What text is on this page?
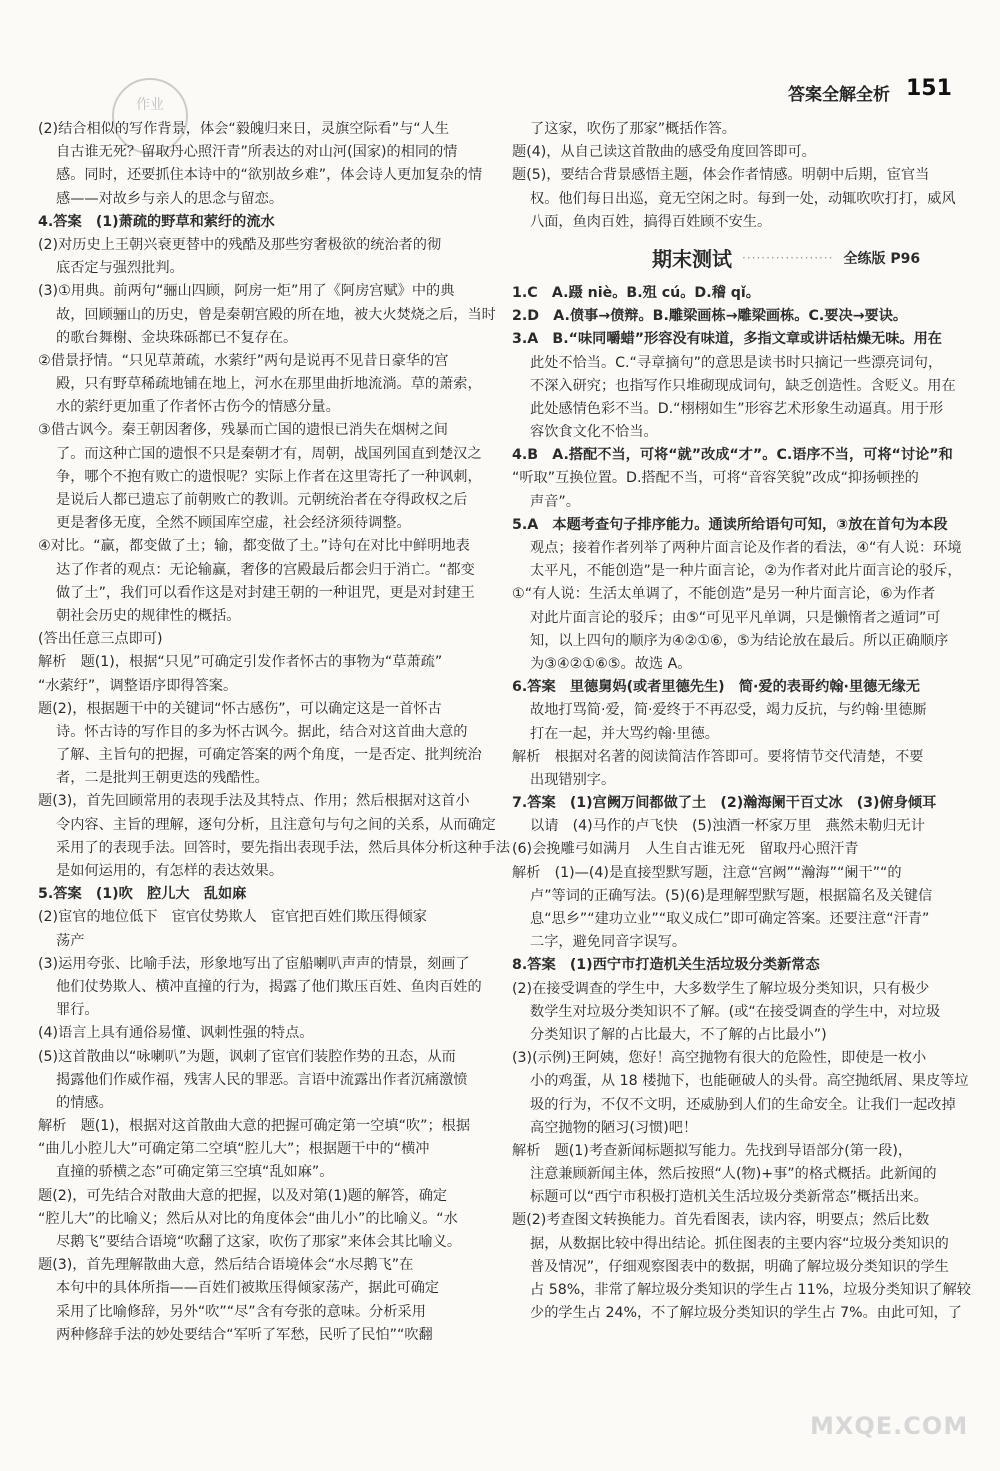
作业	答案全解全析 151
(2)结合相似的写作背景，体会“毅魄归来日，灵旗空际看”与“人生
自古谁无死？留取丹心照汗青”所表达的对山河(国家)的相同的情
感。同时，还要抓住本诗中的“欲别故乡难”，体会诗人更加复杂的情
感——对故乡与亲人的思念与留恋。
4.答案　(1)萧疏的野草和萦纡的流水
(2)对历史上王朝兴衰更替中的残酷及那些穷奢极欲的统治者的彻
底否定与强烈批判。
(3)①用典。前两句“骊山四顾，阿房一炬”用了《阿房宫赋》中的典
故，回顾骊山的历史，曾是秦朝宫殿的所在地，被大火焚烧之后，当时
的歌台舞榭、金块珠砾都已不复存在。
②借景抒情。“只见草萧疏，水萦纡”两句是说再不见昔日豪华的宫
殿，只有野草稀疏地铺在地上，河水在那里曲折地流淌。草的萧索，
水的萦纡更加重了作者怀古伤今的情感分量。
③借古讽今。秦王朝因奢侈，残暴而亡国的遗恨已消失在烟树之间
了。而这种亡国的遗恨不只是秦朝才有，周朝，战国列国直到楚汉之
争，哪个不抱有败亡的遗恨呢？实际上作者在这里寄托了一种讽刺，
是说后人都已遗忘了前朝败亡的教训。元朝统治者在夺得政权之后
更是奢侈无度，全然不顾国库空虚，社会经济须待调整。
④对比。“赢，都变做了土；输，都变做了土。”诗句在对比中鲜明地表
达了作者的观点：无论输赢，奢侈的宫殿最后都会归于消亡。“都变
做了土”，我们可以看作这是对封建王朝的一种诅咒，更是对封建王
朝社会历史的规律性的概括。
(答出任意三点即可)
解析　题(1)，根据“只见”可确定引发作者怀古的事物为“草萧疏”
“水萦纡”，调整语序即得答案。
题(2)，根据题干中的关键词“怀古感伤”，可以确定这是一首怀古
诗。怀古诗的写作目的多为怀古讽今。据此，结合对这首曲大意的
了解、主旨句的把握，可确定答案的两个角度，一是否定、批判统治
者，二是批判王朝更迭的残酷性。
题(3)，首先回顾常用的表现手法及其特点、作用；然后根据对这首小
令内容、主旨的理解，逐句分析，且注意句与句之间的关系，从而确定
采用了的表现手法。回答时，要先指出表现手法，然后具体分析这种手法
是如何运用的，有怎样的表达效果。
5.答案　(1)吹　腔儿大　乱如麻
(2)宦官的地位低下　宦官仗势欺人　宦官把百姓们欺压得倾家
荡产
(3)运用夸张、比喻手法，形象地写出了宦船喇叭声声的情景，刻画了
他们仗势欺人、横冲直撞的行为，揭露了他们欺压百姓、鱼肉百姓的
罪行。
(4)语言上具有通俗易懂、讽刺性强的特点。
(5)这首散曲以“咏喇叭”为题，讽刺了宦官们装腔作势的丑态，从而
揭露他们作威作福，残害人民的罪恶。言语中流露出作者沉痛激愤
的情感。
解析　题(1)，根据对这首散曲大意的把握可确定第一空填“吹”；根据
“曲儿小腔儿大”可确定第二空填“腔儿大”；根据题干中的“横冲
直撞的骄横之态”可确定第三空填“乱如麻”。
题(2)，可先结合对散曲大意的把握，以及对第(1)题的解答，确定
“腔儿大”的比喻义；然后从对比的角度体会“曲儿小”的比喻义。“水
尽鹅飞”要结合语境“吹翻了这家，吹伤了那家”来体会其比喻义。
题(3)，首先理解散曲大意，然后结合语境体会“水尽鹅飞”在
本句中的具体所指——百姓们被欺压得倾家荡产，据此可确定
采用了比喻修辞，另外“吹”“尽”含有夸张的意味。分析采用
两种修辞手法的妙处要结合“军听了军愁，民听了民怕”“吹翻
了这家，吹伤了那家”概括作答。
题(4)，从自己读这首散曲的感受角度回答即可。
题(5)，要结合背景感悟主题，体会作者情感。明朝中后期，宦官当
权。他们每日出巡，竟无空闲之时。每到一处，动辄吹吹打打，威风
八面，鱼肉百姓，搞得百姓顾不安生。
期末测试 ··················· 全练版 P96
1.C　A.蹑 niè。B.殂 cú。D.稽 qǐ。
2.D　A.偾事→偾辩。B.雕梁画栋→雕梁画栋。C.要决→要诀。
3.A　B.“味同嚼蜡”形容没有味道，多指文章或讲话枯燥无味。用在
此处不恰当。C.“寻章摘句”的意思是读书时只摘记一些漂亮词句，
不深入研究；也指写作只堆砌现成词句，缺乏创造性。含贬义。用在
此处感情色彩不当。D.“栩栩如生”形容艺术形象生动逼真。用于形
容饮食文化不恰当。
4.B　A.搭配不当，可将“就”改成“才”。C.语序不当，可将“讨论”和
“听取”互换位置。D.搭配不当，可将“音容笑貌”改成“抑扬顿挫的
声音”。
5.A　本题考查句子排序能力。通读所给语句可知，③放在首句为本段
观点；接着作者列举了两种片面言论及作者的看法，④“有人说：环境
太平凡，不能创造”是一种片面言论，②为作者对此片面言论的驳斥，
①“有人说：生活太单调了，不能创造”是另一种片面言论，⑥为作者
对此片面言论的驳斥；由⑤“可见平凡单调，只是懒惰者之遁词”可
知，以上四句的顺序为④②①⑥，⑤为结论放在最后。所以正确顺序
为③④②①⑥⑤。故选 A。
6.答案　里德舅妈(或者里德先生)　简·爱的表哥约翰·里德无缘无
故地打骂简·爱，简·爱终于不再忍受，竭力反抗，与约翰·里德厮
打在一起，并大骂约翰·里德。
解析　根据对名著的阅读简洁作答即可。要将情节交代清楚，不要
出现错别字。
7.答案　(1)宫阙万间都做了土　(2)瀚海阑干百丈冰　(3)俯身倾耳
以请　(4)马作的卢飞快　(5)浊酒一杯家万里　燕然未勒归无计
(6)会挽雕弓如满月　人生自古谁无死　留取丹心照汗青
解析　(1)—(4)是直接型默写题，注意“宫阙”“瀚海”“阑干”“的
卢”等词的正确写法。(5)(6)是理解型默写题，根据篇名及关键信
息“思乡”“建功立业”“取义成仁”即可确定答案。还要注意“汗青”
二字，避免同音字误写。
8.答案　(1)西宁市打造机关生活垃圾分类新常态
(2)在接受调查的学生中，大多数学生了解垃圾分类知识，只有极少
数学生对垃圾分类知识不了解。(或“在接受调查的学生中，对垃圾
分类知识了解的占比最大，不了解的占比最小”)
(3)(示例)王阿姨，您好！高空抛物有很大的危险性，即使是一枚小
小的鸡蛋，从 18 楼抛下，也能砸破人的头骨。高空抛纸屑、果皮等垃
圾的行为，不仅不文明，还威胁到人们的生命安全。让我们一起改掉
高空抛物的陋习(习惯)吧！
解析　题(1)考查新闻标题拟写能力。先找到导语部分(第一段)，
注意兼顾新闻主体，然后按照“人(物)+事”的格式概括。此新闻的
标题可以“西宁市积极打造机关生活垃圾分类新常态”概括出来。
题(2)考查图文转换能力。首先看图表，读内容，明要点；然后比数
据，从数据比较中得出结论。抓住图表的主要内容“垃圾分类知识的
普及情况”，仔细观察图表中的数据，明确了解垃圾分类知识的学生
占 58%，非常了解垃圾分类知识的学生占 11%，垃圾分类知识了解较
少的学生占 24%，不了解垃圾分类知识的学生占 7%。由此可知，了
MXQE.COM
